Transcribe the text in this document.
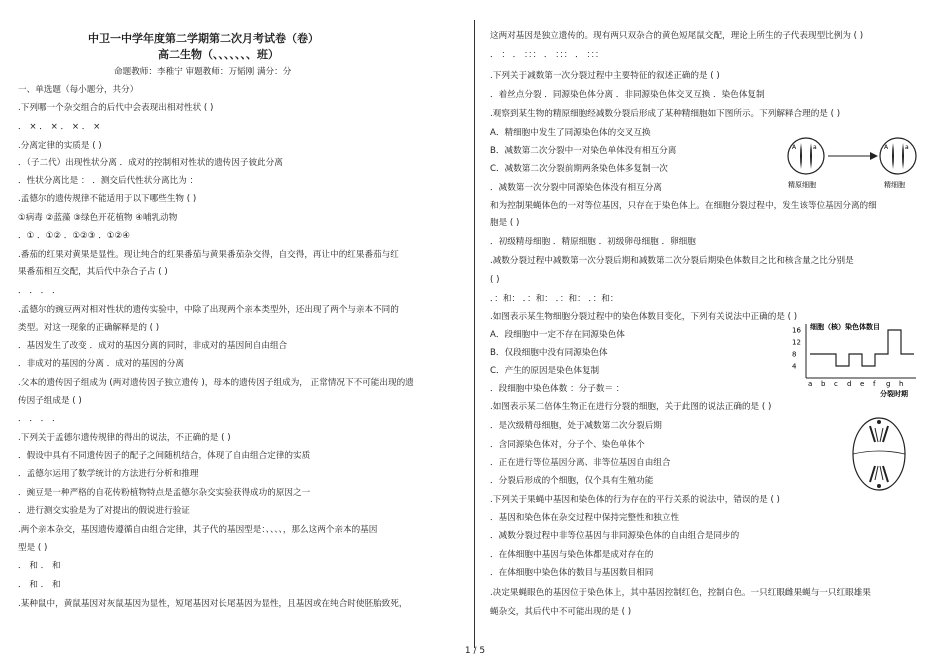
中卫一中学年度第二学期第二次月考试卷（卷）
高二生物（、、、、、、、班）
命题教师：李稚宁 审题教师：万韬刚 满分：分
一、单选题（每小题分，共分）
.下列哪一个杂交组合的后代中会表现出相对性状 ( )
． × ． × ． × ． ×
.分离定律的实质是 ( )
．（子二代）出现性状分离 ．成对的控制相对性状的遗传因子彼此分离
．性状分离比是 ： ．测交后代性状分离比为 ：
.孟德尔的遗传规律不能适用于以下哪些生物 ( )
①病毒 ②蓝藻 ③绿色开花植物 ④哺乳动物
．① ．①② ．①②③ ．①②④
.番茄的红果对黄果是显性。现让纯合的红果番茄与黄果番茄杂交得，自交得，再让中的红果番茄与红
果番茄相互交配，其后代中杂合子占 ( )
． ． ． ．
.孟德尔的豌豆两对相对性状的遗传实验中，中除了出现两个亲本类型外，还出现了两个与亲本不同的
类型。对这一现象的正确解释是的 ( )
．基因发生了改变 ．成对的基因分离的同时，非成对的基因间自由组合
．非成对的基因的分离 ．成对的基因的分离
.父本的遗传因子组成为 (两对遗传因子独立遗传 )，母本的遗传因子组成为， 正常情况下不可能出现的遗
传因子组成是 ( )
． ． ． ．
.下列关于孟德尔遗传规律的得出的说法，不正确的是 ( )
．假设中具有不同遗传因子的配子之间随机结合，体现了自由组合定律的实质
．孟德尔运用了数学统计的方法进行分析和推理
．豌豆是一种严格的自花传粉植物特点是孟德尔杂交实验获得成功的原因之一
．进行测交实验是为了对提出的假说进行验证
.两个亲本杂交，基因遗传遵循自由组合定律，其子代的基因型是：、、、、，那么这两个亲本的基因
型是 ( )
． 和 ． 和
． 和 ． 和
.某种鼠中，黄鼠基因对灰鼠基因为显性，短尾基因对长尾基因为显性，且基因或在纯合时使胚胎致死，
这两对基因是独立遗传的。现有两只双杂合的黄色短尾鼠交配，理论上所生的子代表现型比例为 ( )
． ： ． ：：： ． ：：： ． ：：：
.下列关于减数第一次分裂过程中主要特征的叙述正确的是 ( )
．着丝点分裂 ．同源染色体分离 ．非同源染色体交叉互换 ．染色体复制
.观察到某生物的精原细胞经减数分裂后形成了某种精细胞如下图所示。下列解释合理的是 ( )
A．精细胞中发生了同源染色体的交叉互换
B．减数第二次分裂中一对染色单体没有相互分离
C．减数第二次分裂前期两条染色体多复制一次
．减数第一次分裂中同源染色体没有相互分离
和为控制果蝇体色的一对等位基因，只存在于染色体上。在细胞分裂过程中，发生该等位基因分离的细
胞是 ( )
．初级精母细胞 ．精原细胞 ．初级卵母细胞 ．卵细胞
.减数分裂过程中减数第一次分裂后期和减数第二次分裂后期染色体数目之比和核含量之比分别是
( )
．：和： ．：和： ．：和： ．：和：
.如图表示某生物细胞分裂过程中的染色体数目变化，下列有关说法中正确的是 ( )
A．段细胞中一定不存在同源染色体
B．仅段细胞中没有同源染色体
C．产生的原因是染色体复制
．段细胞中染色体数 ：分子数＝ ：
.如图表示某二倍体生物正在进行分裂的细胞，关于此图的说法正确的是 ( )
．是次级精母细胞，处于减数第二次分裂后期
．含同源染色体对，分子个、染色单体个
．正在进行等位基因分离、非等位基因自由组合
．分裂后形成的个细胞，仅个具有生殖功能
.下列关于果蝇中基因和染色体的行为存在的平行关系的说法中，错误的是 ( )
．基因和染色体在杂交过程中保持完整性和独立性
．减数分裂过程中非等位基因与非同源染色体的自由组合是同步的
．在体细胞中基因与染色体都是成对存在的
．在体细胞中染色体的数目与基因数目相同
.决定果蝇眼色的基因位于染色体上，其中基因控制红色，控制白色。一只红眼雌果蝇与一只红眼雄果
蝇杂交，其后代中不可能出现的是 ( )
A	a	A	a
精原细胞	精细胞
细胞（核）染色体数目
16
12
8
4
a b c d e f g h
分裂时期
1 / 5
